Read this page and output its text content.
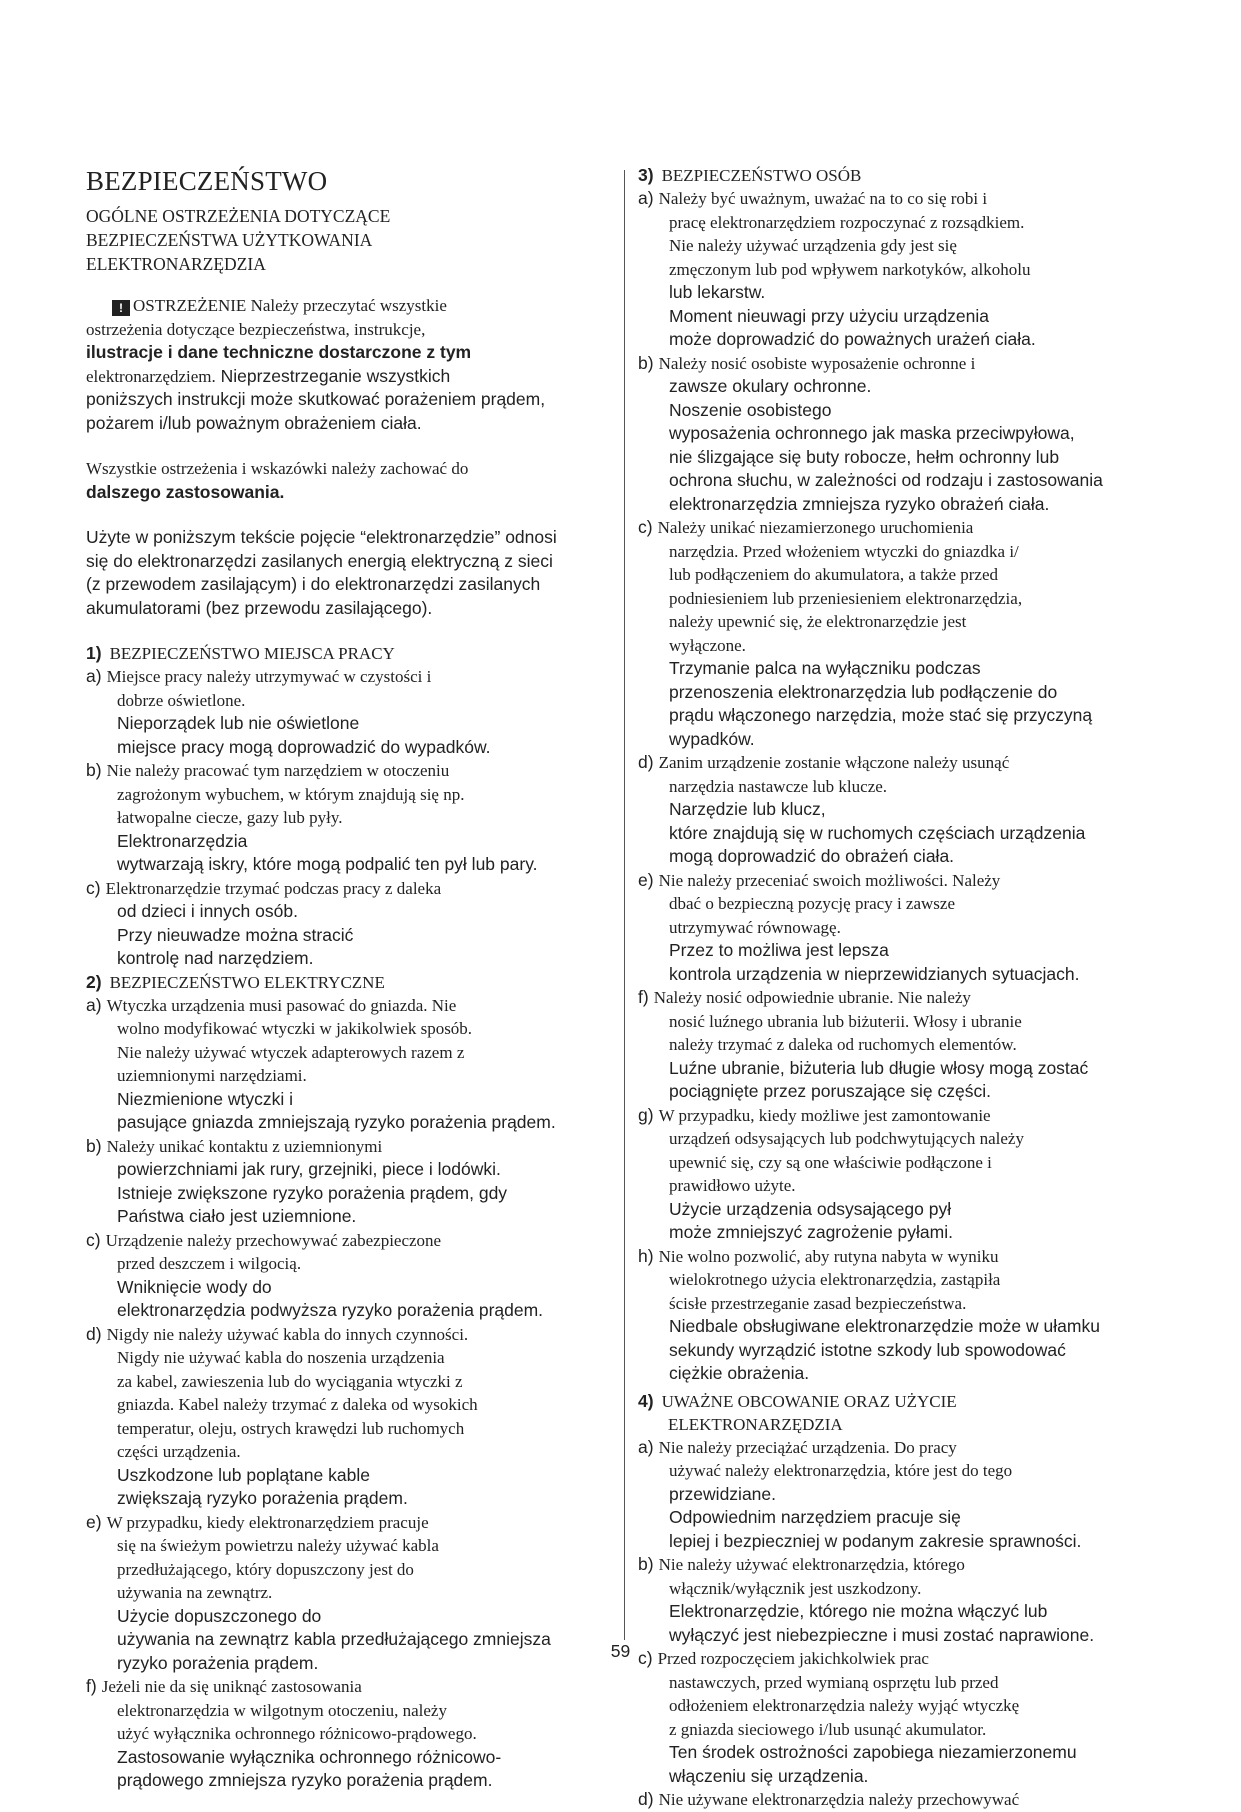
BEZPIECZEŃSTWO
OGÓLNE OSTRZEŻENIA DOTYCZĄCE
BEZPIECZEŃSTWA UŻYTKOWANIA
ELEKTRONARZĘDZIA
! OSTRZEŻENIE Należy przeczytać wszystkie
ostrzeżenia dotyczące bezpieczeństwa, instrukcje,
ilustracje i dane techniczne dostarczone z tym
elektronarzędziem. Nieprzestrzeganie wszystkich
poniższych instrukcji może skutkować porażeniem prądem,
pożarem i/lub poważnym obrażeniem ciała.
Wszystkie ostrzeżenia i wskazówki należy zachować do
dalszego zastosowania.
Użyte w poniższym tekście pojęcie “elektronarzędzie” odnosi
się do elektronarzędzi zasilanych energią elektryczną z sieci
(z przewodem zasilającym) i do elektronarzędzi zasilanych
akumulatorami (bez przewodu zasilającego).
1) BEZPIECZEŃSTWO MIEJSCA PRACY
a) Miejsce pracy należy utrzymywać w czystości i
dobrze oświetlone.
Nieporządek lub nie oświetlone
miejsce pracy mogą doprowadzić do wypadków.
b) Nie należy pracować tym narzędziem w otoczeniu
zagrożonym wybuchem, w którym znajdują się np.
łatwopalne ciecze, gazy lub pyły.
Elektronarzędzia
wytwarzają iskry, które mogą podpalić ten pył lub pary.
c) Elektronarzędzie trzymać podczas pracy z daleka
od dzieci i innych osób.
Przy nieuwadze można stracić
kontrolę nad narzędziem.
2) BEZPIECZEŃSTWO ELEKTRYCZNE
a) Wtyczka urządzenia musi pasować do gniazda. Nie
wolno modyfikować wtyczki w jakikolwiek sposób.
Nie należy używać wtyczek adapterowych razem z
uziemnionymi narzędziami.
Niezmienione wtyczki i
pasujące gniazda zmniejszają ryzyko porażenia prądem.
b) Należy unikać kontaktu z uziemnionymi
powierzchniami jak rury, grzejniki, piece i lodówki.
Istnieje zwiększone ryzyko porażenia prądem, gdy
Państwa ciało jest uziemnione.
c) Urządzenie należy przechowywać zabezpieczone
przed deszczem i wilgocią.
Wniknięcie wody do
elektronarzędzia podwyższa ryzyko porażenia prądem.
d) Nigdy nie należy używać kabla do innych czynności.
Nigdy nie używać kabla do noszenia urządzenia
za kabel, zawieszenia lub do wyciągania wtyczki z
gniazda. Kabel należy trzymać z daleka od wysokich
temperatur, oleju, ostrych krawędzi lub ruchomych
części urządzenia.
Uszkodzone lub poplątane kable
zwiększają ryzyko porażenia prądem.
e) W przypadku, kiedy elektronarzędziem pracuje
się na świeżym powietrzu należy używać kabla
przedłużającego, który dopuszczony jest do
używania na zewnątrz.
Użycie dopuszczonego do
używania na zewnątrz kabla przedłużającego zmniejsza
ryzyko porażenia prądem.
f) Jeżeli nie da się uniknąć zastosowania
elektronarzędzia w wilgotnym otoczeniu, należy
użyć wyłącznika ochronnego różnicowo-prądowego.
Zastosowanie wyłącznika ochronnego różnicowo-
prądowego zmniejsza ryzyko porażenia prądem.
3) BEZPIECZEŃSTWO OSÓB
a) Należy być uważnym, uważać na to co się robi i
pracę elektronarzędziem rozpoczynać z rozsądkiem.
Nie należy używać urządzenia gdy jest się
zmęczonym lub pod wpływem narkotyków, alkoholu
lub lekarstw.
Moment nieuwagi przy użyciu urządzenia
może doprowadzić do poważnych urażeń ciała.
b) Należy nosić osobiste wyposażenie ochronne i
zawsze okulary ochronne.
Noszenie osobistego
wyposażenia ochronnego jak maska przeciwpyłowa,
nie ślizgające się buty robocze, hełm ochronny lub
ochrona słuchu, w zależności od rodzaju i zastosowania
elektronarzędzia zmniejsza ryzyko obrażeń ciała.
c) Należy unikać niezamierzonego uruchomienia
narzędzia. Przed włożeniem wtyczki do gniazdka i/
lub podłączeniem do akumulatora, a także przed
podniesieniem lub przeniesieniem elektronarzędzia,
należy upewnić się, że elektronarzędzie jest
wyłączone.
Trzymanie palca na wyłączniku podczas
przenoszenia elektronarzędzia lub podłączenie do
prądu włączonego narzędzia, może stać się przyczyną
wypadków.
d) Zanim urządzenie zostanie włączone należy usunąć
narzędzia nastawcze lub klucze.
Narzędzie lub klucz,
które znajdują się w ruchomych częściach urządzenia
mogą doprowadzić do obrażeń ciała.
e) Nie należy przeceniać swoich możliwości. Należy
dbać o bezpieczną pozycję pracy i zawsze
utrzymywać równowagę.
Przez to możliwa jest lepsza
kontrola urządzenia w nieprzewidzianych sytuacjach.
f) Należy nosić odpowiednie ubranie. Nie należy
nosić luźnego ubrania lub biżuterii. Włosy i ubranie
należy trzymać z daleka od ruchomych elementów.
Luźne ubranie, biżuteria lub długie włosy mogą zostać
pociągnięte przez poruszające się części.
g) W przypadku, kiedy możliwe jest zamontowanie
urządzeń odsysających lub podchwytujących należy
upewnić się, czy są one właściwie podłączone i
prawidłowo użyte.
Użycie urządzenia odsysającego pył
może zmniejszyć zagrożenie pyłami.
h) Nie wolno pozwolić, aby rutyna nabyta w wyniku
wielokrotnego użycia elektronarzędzia, zastąpiła
ścisłe przestrzeganie zasad bezpieczeństwa.
Niedbale obsługiwane elektronarzędzie może w ułamku
sekundy wyrządzić istotne szkody lub spowodować
ciężkie obrażenia.
4) UWAŻNE OBCOWANIE ORAZ UŻYCIE
ELEKTRONARZĘDZIA
a) Nie należy przeciążać urządzenia. Do pracy
używać należy elektronarzędzia, które jest do tego
przewidziane.
Odpowiednim narzędziem pracuje się
lepiej i bezpieczniej w podanym zakresie sprawności.
b) Nie należy używać elektronarzędzia, którego
włącznik/wyłącznik jest uszkodzony.
Elektronarzędzie, którego nie można włączyć lub
wyłączyć jest niebezpieczne i musi zostać naprawione.
c) Przed rozpoczęciem jakichkolwiek prac
nastawczych, przed wymianą osprzętu lub przed
odłożeniem elektronarzędzia należy wyjąć wtyczkę
z gniazda sieciowego i/lub usunąć akumulator.
Ten środek ostrożności zapobiega niezamierzonemu
włączeniu się urządzenia.
d) Nie używane elektronarzędzia należy przechowywać
59
